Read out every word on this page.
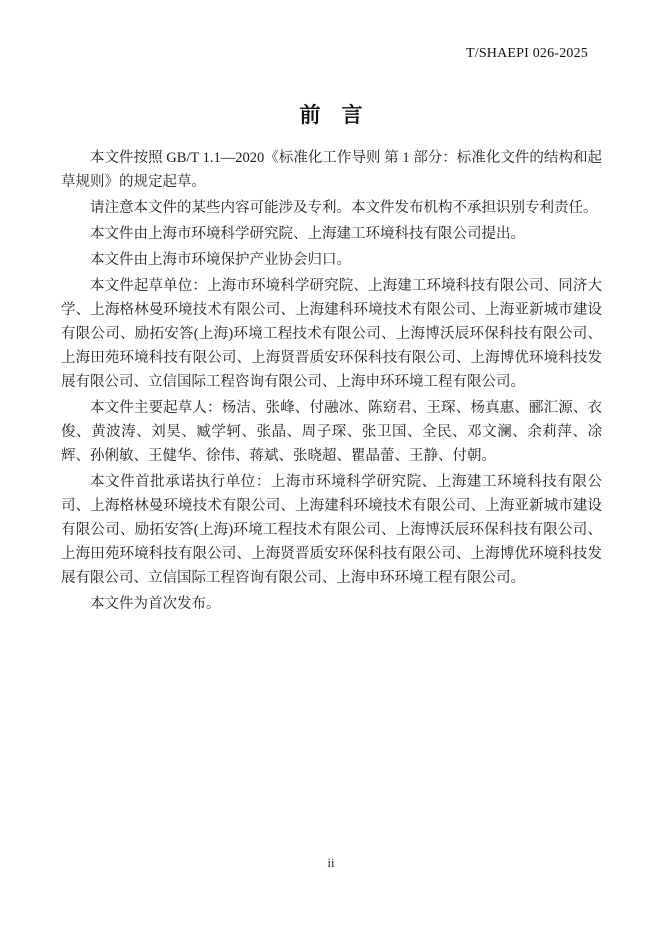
T/SHAEPI 026-2025
前　言

本文件按照 GB/T 1.1—2020《标准化工作导则 第 1 部分：标准化文件的结构和起草规则》的规定起草。

请注意本文件的某些内容可能涉及专利。本文件发布机构不承担识别专利责任。

本文件由上海市环境科学研究院、上海建工环境科技有限公司提出。

本文件由上海市环境保护产业协会归口。

本文件起草单位：上海市环境科学研究院、上海建工环境科技有限公司、同济大学、上海格林曼环境技术有限公司、上海建科环境技术有限公司、上海亚新城市建设有限公司、励拓安答(上海)环境工程技术有限公司、上海博沃辰环保科技有限公司、上海田苑环境科技有限公司、上海贤晋质安环保科技有限公司、上海博优环境科技发展有限公司、立信国际工程咨询有限公司、上海申环环境工程有限公司。

本文件主要起草人：杨洁、张峰、付融冰、陈窈君、王琛、杨真惠、郦汇源、衣俊、黄波涛、刘昊、臧学轲、张晶、周子琛、张卫国、全民、邓文澜、余莉萍、凃辉、孙俐敏、王健华、徐伟、蒋斌、张晓超、瞿晶蕾、王静、付朝。

本文件首批承诺执行单位：上海市环境科学研究院、上海建工环境科技有限公司、上海格林曼环境技术有限公司、上海建科环境技术有限公司、上海亚新城市建设有限公司、励拓安答(上海)环境工程技术有限公司、上海博沃辰环保科技有限公司、上海田苑环境科技有限公司、上海贤晋质安环保科技有限公司、上海博优环境科技发展有限公司、立信国际工程咨询有限公司、上海申环环境工程有限公司。

本文件为首次发布。

ii
